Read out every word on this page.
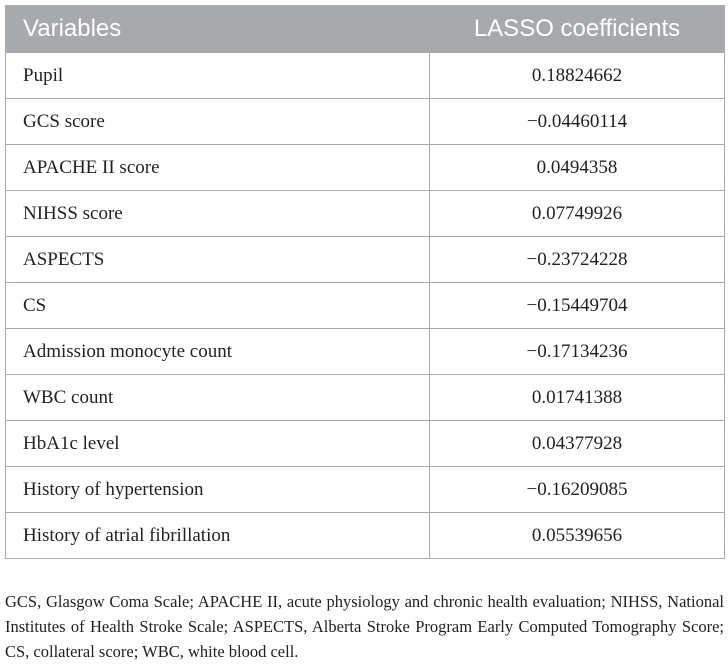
Variables	LASSO coefficients
Pupil	0.18824662
GCS score	−0.04460114
APACHE II score	0.0494358
NIHSS score	0.07749926
ASPECTS	−0.23724228
CS	−0.15449704
Admission monocyte count	−0.17134236
WBC count	0.01741388
HbA1c level	0.04377928
History of hypertension	−0.16209085
History of atrial fibrillation	0.05539656

GCS, Glasgow Coma Scale; APACHE II, acute physiology and chronic health evaluation; NIHSS, National Institutes of Health Stroke Scale; ASPECTS, Alberta Stroke Program Early Computed Tomography Score; CS, collateral score; WBC, white blood cell.
